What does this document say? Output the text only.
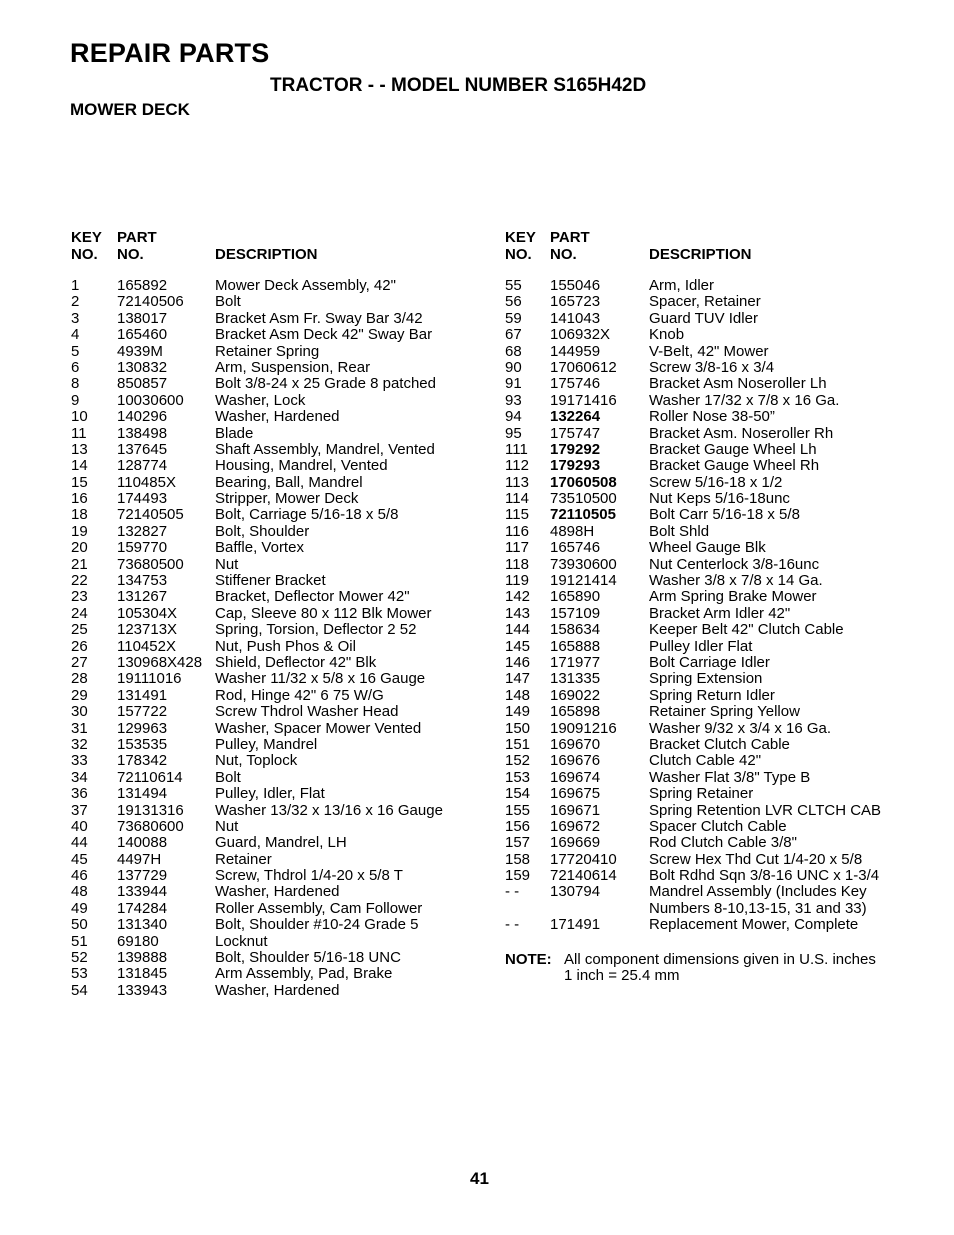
REPAIR PARTS
TRACTOR - - MODEL NUMBER S165H42D
MOWER DECK
KEY
NO.
PART
NO.	DESCRIPTION
1	165892	Mower Deck Assembly, 42"
2	72140506 Bolt
3	138017	Bracket Asm Fr. Sway Bar 3/42
4	165460	Bracket Asm Deck 42" Sway Bar
5	4939M	Retainer Spring
6	130832	Arm, Suspension, Rear
8	850857	Bolt 3/8-24 x 25 Grade 8 patched
9	10030600 Washer, Lock
10 140296	Washer, Hardened
11 138498	Blade
13 137645	Shaft Assembly, Mandrel, Vented
14 128774	Housing, Mandrel, Vented
15 110485X	Bearing, Ball, Mandrel
16 174493	Stripper, Mower Deck
18 72140505 Bolt, Carriage 5/16-18 x 5/8
19 132827	Bolt, Shoulder
20 159770	Baffle, Vortex
21 73680500 Nut
22 134753	Stiffener Bracket
23 131267	Bracket, Deflector Mower 42"
24 105304X	Cap, Sleeve 80 x 112 Blk Mower
25 123713X	Spring, Torsion, Deflector 2 52
26 110452X	Nut, Push Phos & Oil
27 130968X428 Shield, Deflector 42" Blk
28 19111016 Washer 11/32 x 5/8 x 16 Gauge
29 131491	Rod, Hinge 42" 6 75 W/G
30 157722	Screw Thdrol Washer Head
31 129963	Washer, Spacer Mower Vented
32 153535	Pulley, Mandrel
33 178342	Nut, Toplock
34 72110614 Bolt
36 131494	Pulley, Idler, Flat
37 19131316 Washer 13/32 x 13/16 x 16 Gauge
40 73680600 Nut
44 140088	Guard, Mandrel, LH
45 4497H	Retainer
46 137729	Screw, Thdrol 1/4-20 x 5/8 T
48 133944	Washer, Hardened
49 174284	Roller Assembly, Cam Follower
50 131340	Bolt, Shoulder #10-24 Grade 5
51 69180	Locknut
52 139888	Bolt, Shoulder 5/16-18 UNC
53 131845	Arm Assembly, Pad, Brake
54 133943	Washer, Hardened
KEY
NO.
PART
NO.	DESCRIPTION
55 155046	Arm, Idler
56 165723	Spacer, Retainer
59 141043	Guard TUV Idler
67 106932X	Knob
68 144959	V-Belt, 42" Mower
90 17060612 Screw 3/8-16 x 3/4
91 175746	Bracket Asm Noseroller Lh
93 19171416 Washer 17/32 x 7/8 x 16 Ga.
94 132264	Roller Nose 38-50”
95 175747	Bracket Asm. Noseroller Rh
111 179292	Bracket Gauge Wheel Lh
112 179293	Bracket Gauge Wheel Rh
113 17060508 Screw 5/16-18 x 1/2
114 73510500 Nut Keps 5/16-18unc
115 72110505 Bolt Carr 5/16-18 x 5/8
116 4898H	Bolt Shld
117 165746	Wheel Gauge Blk
118 73930600 Nut Centerlock 3/8-16unc
119 19121414 Washer 3/8 x 7/8 x 14 Ga.
142 165890	Arm Spring Brake Mower
143 157109	Bracket Arm Idler 42"
144 158634	Keeper Belt 42" Clutch Cable
145 165888	Pulley Idler Flat
146 171977	Bolt Carriage Idler
147 131335	Spring Extension
148 169022	Spring Return Idler
149 165898	Retainer Spring Yellow
150 19091216 Washer 9/32 x 3/4 x 16 Ga.
151 169670	Bracket Clutch Cable
152 169676	Clutch Cable 42"
153 169674	Washer Flat 3/8" Type B
154 169675	Spring Retainer
155 169671	Spring Retention LVR CLTCH CAB
156 169672	Spacer Clutch Cable
157 169669	Rod Clutch Cable 3/8"
158 17720410 Screw Hex Thd Cut 1/4-20 x 5/8
159 72140614 Bolt Rdhd Sqn 3/8-16 UNC x 1-3/4
- - 130794	Mandrel Assembly (Includes Key
Numbers 8-10,13-15, 31 and 33)
- - 171491	Replacement Mower, Complete
NOTE: All component dimensions given in U.S. inches
1 inch = 25.4 mm
41
